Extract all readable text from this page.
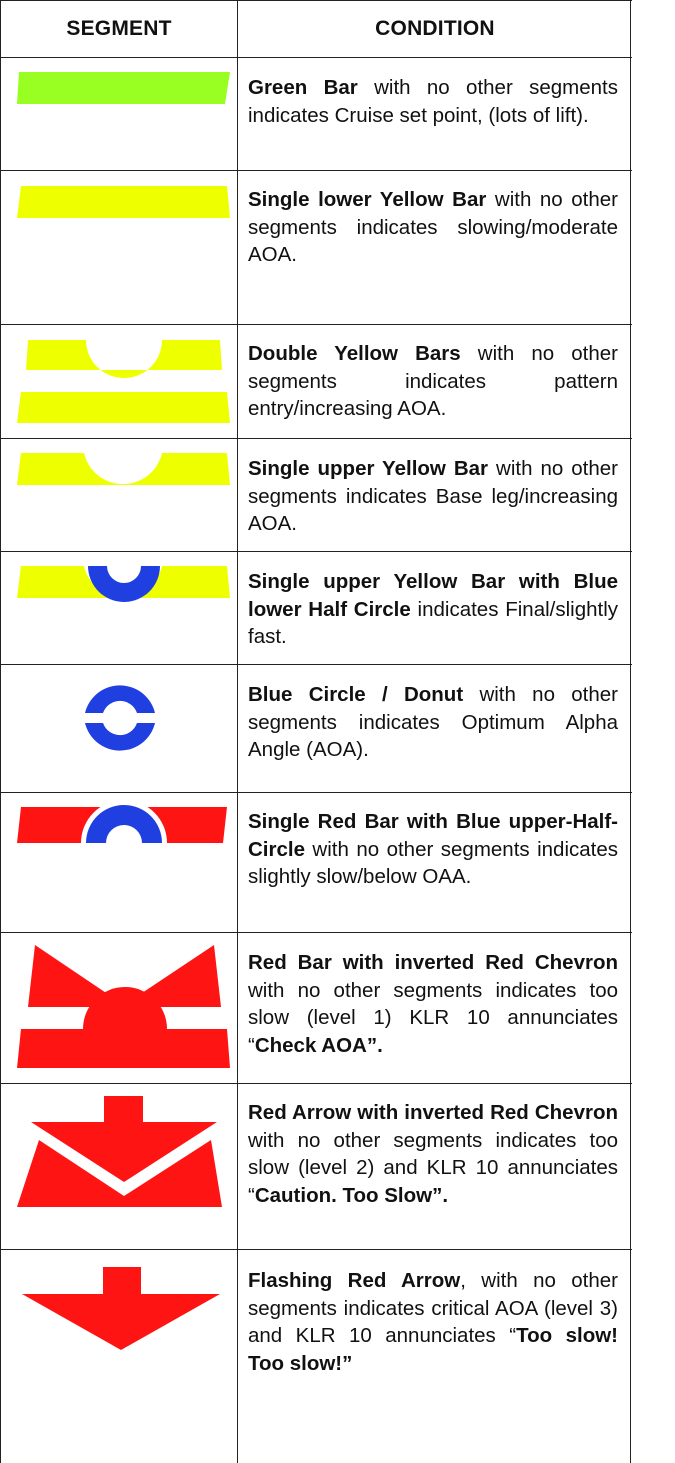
SEGMENT	CONDITION
Green Bar with no other segments indicates Cruise set point, (lots of lift).
Single lower Yellow Bar with no other segments indicates slowing/moderate AOA.
Double Yellow Bars with no other segments indicates pattern entry/increasing AOA.
Single upper Yellow Bar with no other segments indicates Base leg/increasing AOA.
Single upper Yellow Bar with Blue lower Half Circle indicates Final/slightly fast.
Blue Circle / Donut with no other segments indicates Optimum Alpha Angle (AOA).
Single Red Bar with Blue upper-Half-Circle with no other segments indicates slightly slow/below OAA.
Red Bar with inverted Red Chevron with no other segments indicates too slow (level 1) KLR 10 annunciates “Check AOA”.
Red Arrow with inverted Red Chevron with no other segments indicates too slow (level 2) and KLR 10 annunciates “Caution. Too Slow”.
Flashing Red Arrow, with no other segments indicates critical AOA (level 3) and KLR 10 annunciates “Too slow! Too slow!”
